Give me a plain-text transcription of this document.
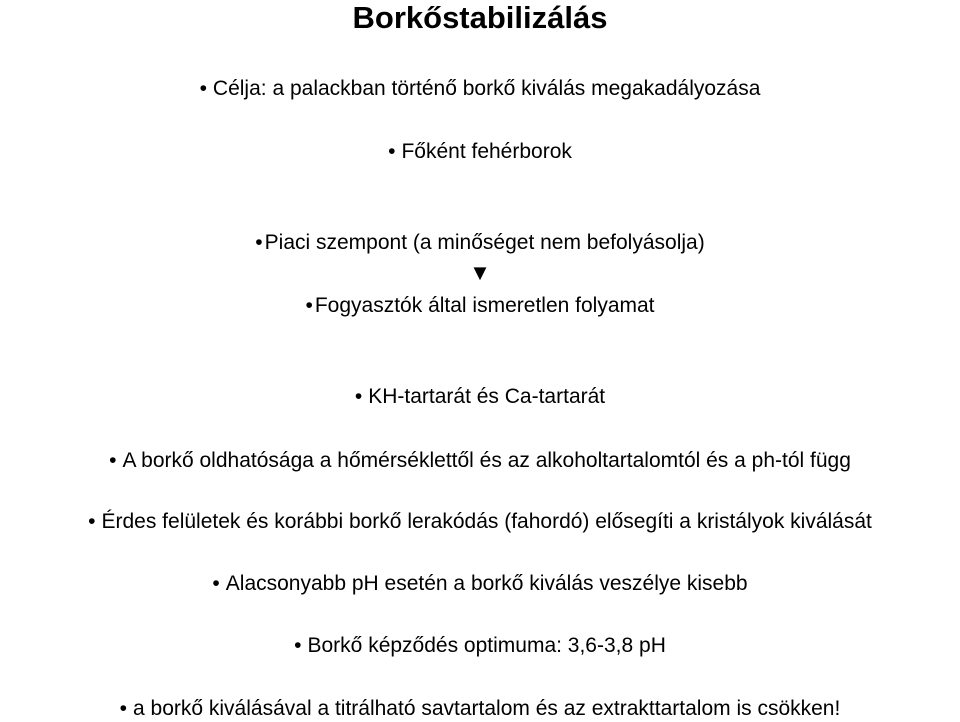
Borkőstabilizálás
• Célja: a palackban történő borkő kiválás megakadályozása
• Főként fehérborok
•Piaci szempont (a minőséget nem befolyásolja)
▼
•Fogyasztók által ismeretlen folyamat
• KH-tartarát és Ca-tartarát
• A borkő oldhatósága a hőmérséklettől és az alkoholtartalomtól és a ph-tól függ
• Érdes felületek és korábbi borkő lerakódás (fahordó) elősegíti a kristályok kiválását
• Alacsonyabb pH esetén a borkő kiválás veszélye kisebb
• Borkő képződés optimuma: 3,6-3,8 pH
• a borkő kiválásával a titrálható savtartalom és az extrakttartalom is csökken!
